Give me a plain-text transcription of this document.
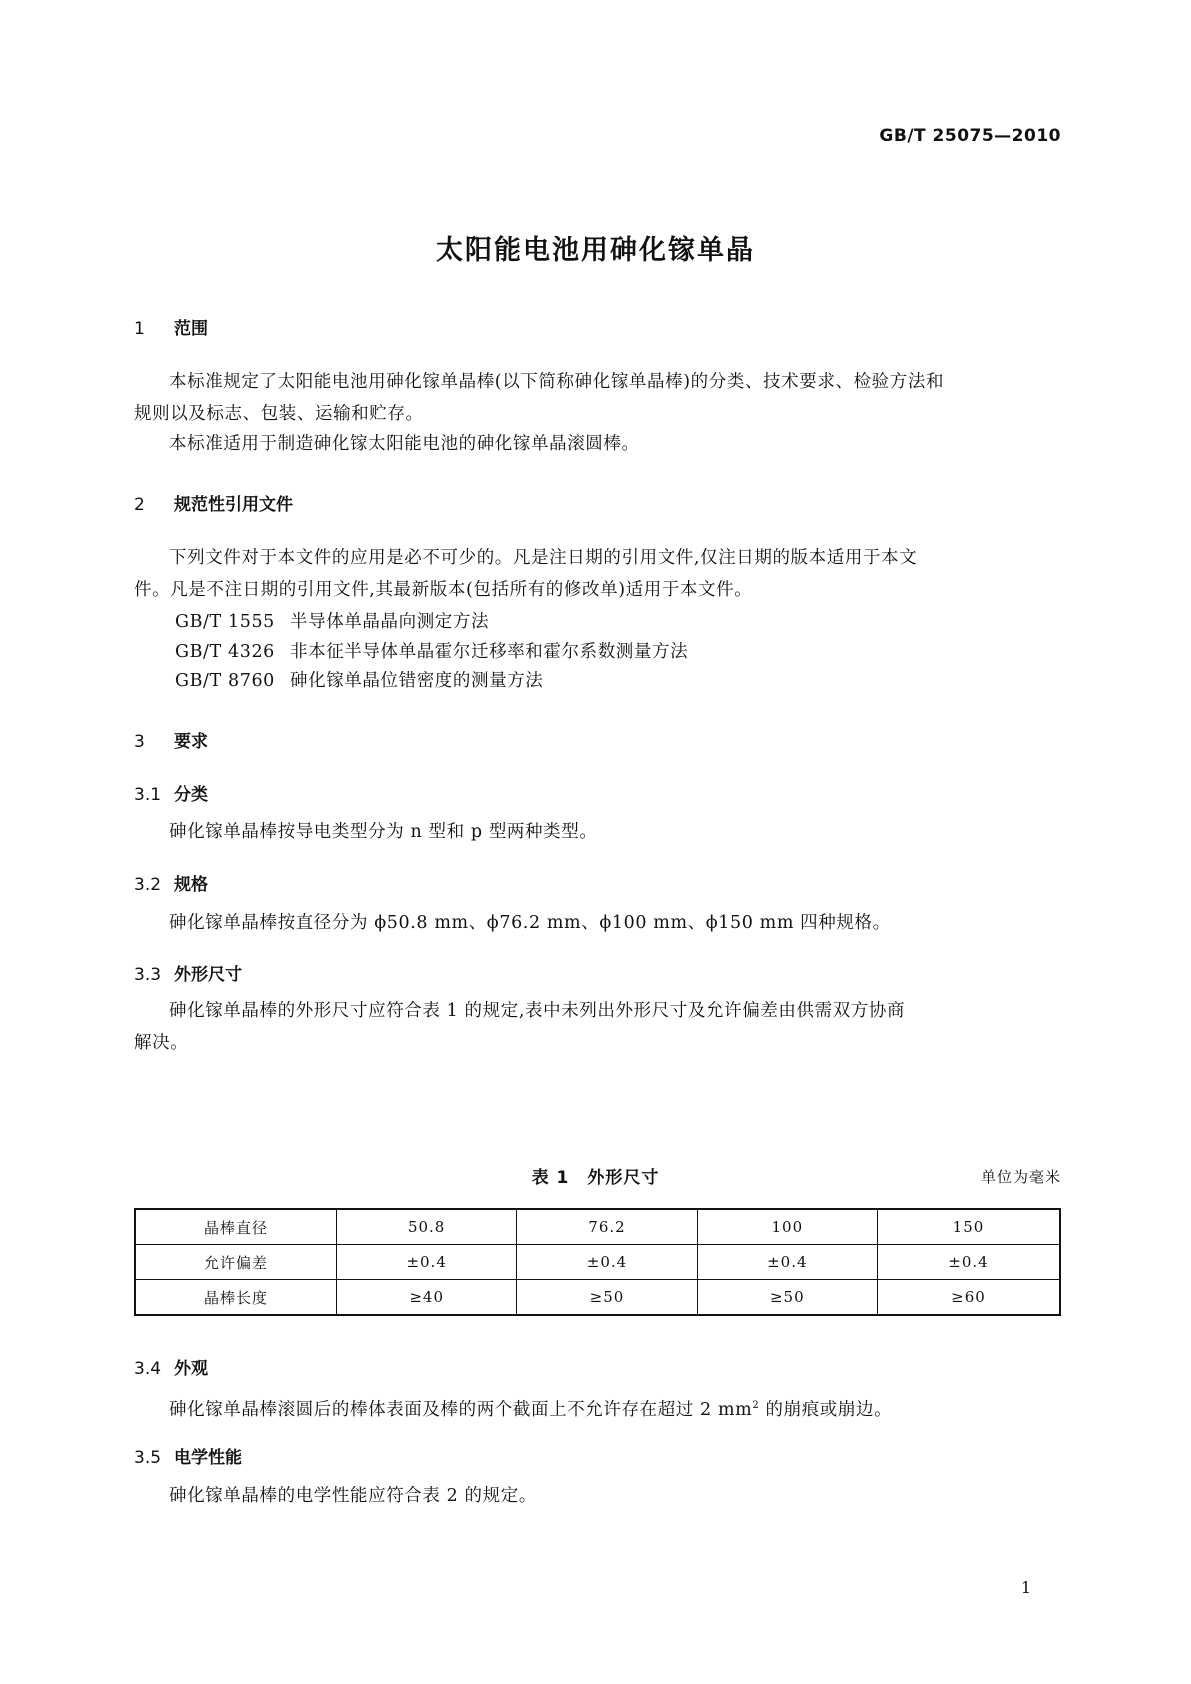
GB/T 25075—2010
太阳能电池用砷化镓单晶
1 范围
本标准规定了太阳能电池用砷化镓单晶棒(以下简称砷化镓单晶棒)的分类、技术要求、检验方法和
规则以及标志、包装、运输和贮存。
本标准适用于制造砷化镓太阳能电池的砷化镓单晶滚圆棒。
2 规范性引用文件
下列文件对于本文件的应用是必不可少的。凡是注日期的引用文件,仅注日期的版本适用于本文
件。凡是不注日期的引用文件,其最新版本(包括所有的修改单)适用于本文件。
GB/T 1555 半导体单晶晶向测定方法
GB/T 4326 非本征半导体单晶霍尔迁移率和霍尔系数测量方法
GB/T 8760 砷化镓单晶位错密度的测量方法
3 要求
3.1 分类
砷化镓单晶棒按导电类型分为 n 型和 p 型两种类型。
3.2 规格
砷化镓单晶棒按直径分为 ϕ50.8 mm、ϕ76.2 mm、ϕ100 mm、ϕ150 mm 四种规格。
3.3 外形尺寸
砷化镓单晶棒的外形尺寸应符合表 1 的规定,表中未列出外形尺寸及允许偏差由供需双方协商
解决。
表 1　外形尺寸	单位为毫米
晶棒直径	50.8	76.2	100	150
允许偏差	±0.4	±0.4	±0.4	±0.4
晶棒长度	≥40	≥50	≥50	≥60
3.4 外观
砷化镓单晶棒滚圆后的棒体表面及棒的两个截面上不允许存在超过 2 $mm^2$ 的崩痕或崩边。
3.5 电学性能
砷化镓单晶棒的电学性能应符合表 2 的规定。
1
